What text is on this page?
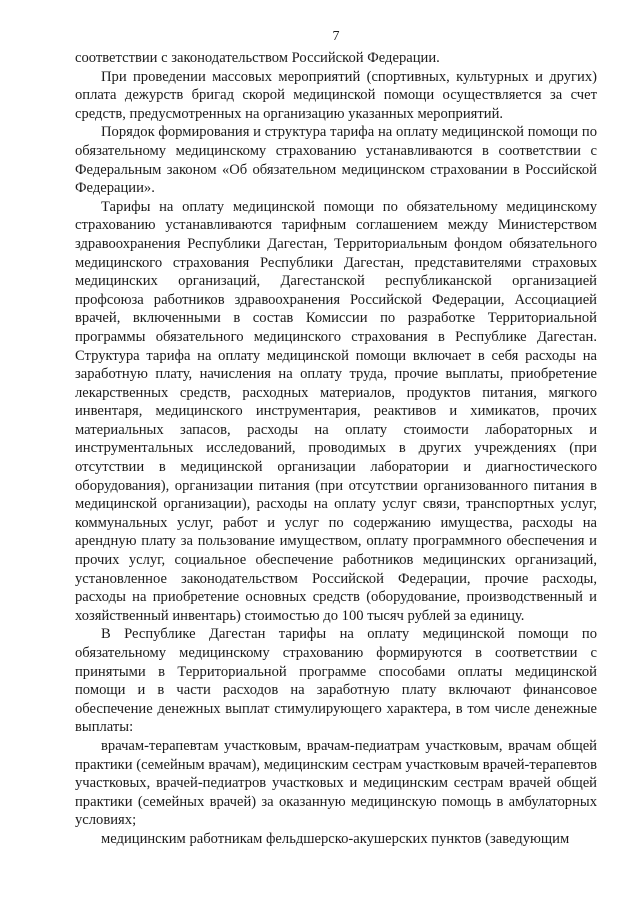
7

соответствии с законодательством Российской Федерации.

При проведении массовых мероприятий (спортивных, культурных и других) оплата дежурств бригад скорой медицинской помощи осуществляется за счет средств, предусмотренных на организацию указанных мероприятий.

Порядок формирования и структура тарифа на оплату медицинской помощи по обязательному медицинскому страхованию устанавливаются в соответствии с Федеральным законом «Об обязательном медицинском страховании в Российской Федерации».

Тарифы на оплату медицинской помощи по обязательному медицинскому страхованию устанавливаются тарифным соглашением между Министерством здравоохранения Республики Дагестан, Территориальным фондом обязательного медицинского страхования Республики Дагестан, представителями страховых медицинских организаций, Дагестанской республиканской организацией профсоюза работников здравоохранения Российской Федерации, Ассоциацией врачей, включенными в состав Комиссии по разработке Территориальной программы обязательного медицинского страхования в Республике Дагестан. Структура тарифа на оплату медицинской помощи включает в себя расходы на заработную плату, начисления на оплату труда, прочие выплаты, приобретение лекарственных средств, расходных материалов, продуктов питания, мягкого инвентаря, медицинского инструментария, реактивов и химикатов, прочих материальных запасов, расходы на оплату стоимости лабораторных и инструментальных исследований, проводимых в других учреждениях (при отсутствии в медицинской организации лаборатории и диагностического оборудования), организации питания (при отсутствии организованного питания в медицинской организации), расходы на оплату услуг связи, транспортных услуг, коммунальных услуг, работ и услуг по содержанию имущества, расходы на арендную плату за пользование имуществом, оплату программного обеспечения и прочих услуг, социальное обеспечение работников медицинских организаций, установленное законодательством Российской Федерации, прочие расходы, расходы на приобретение основных средств (оборудование, производственный и хозяйственный инвентарь) стоимостью до 100 тысяч рублей за единицу.

В Республике Дагестан тарифы на оплату медицинской помощи по обязательному медицинскому страхованию формируются в соответствии с принятыми в Территориальной программе способами оплаты медицинской помощи и в части расходов на заработную плату включают финансовое обеспечение денежных выплат стимулирующего характера, в том числе денежные выплаты:

врачам-терапевтам участковым, врачам-педиатрам участковым, врачам общей практики (семейным врачам), медицинским сестрам участковым врачей-терапевтов участковых, врачей-педиатров участковых и медицинским сестрам врачей общей практики (семейных врачей) за оказанную медицинскую помощь в амбулаторных условиях;

медицинским работникам фельдшерско-акушерских пунктов (заведующим
